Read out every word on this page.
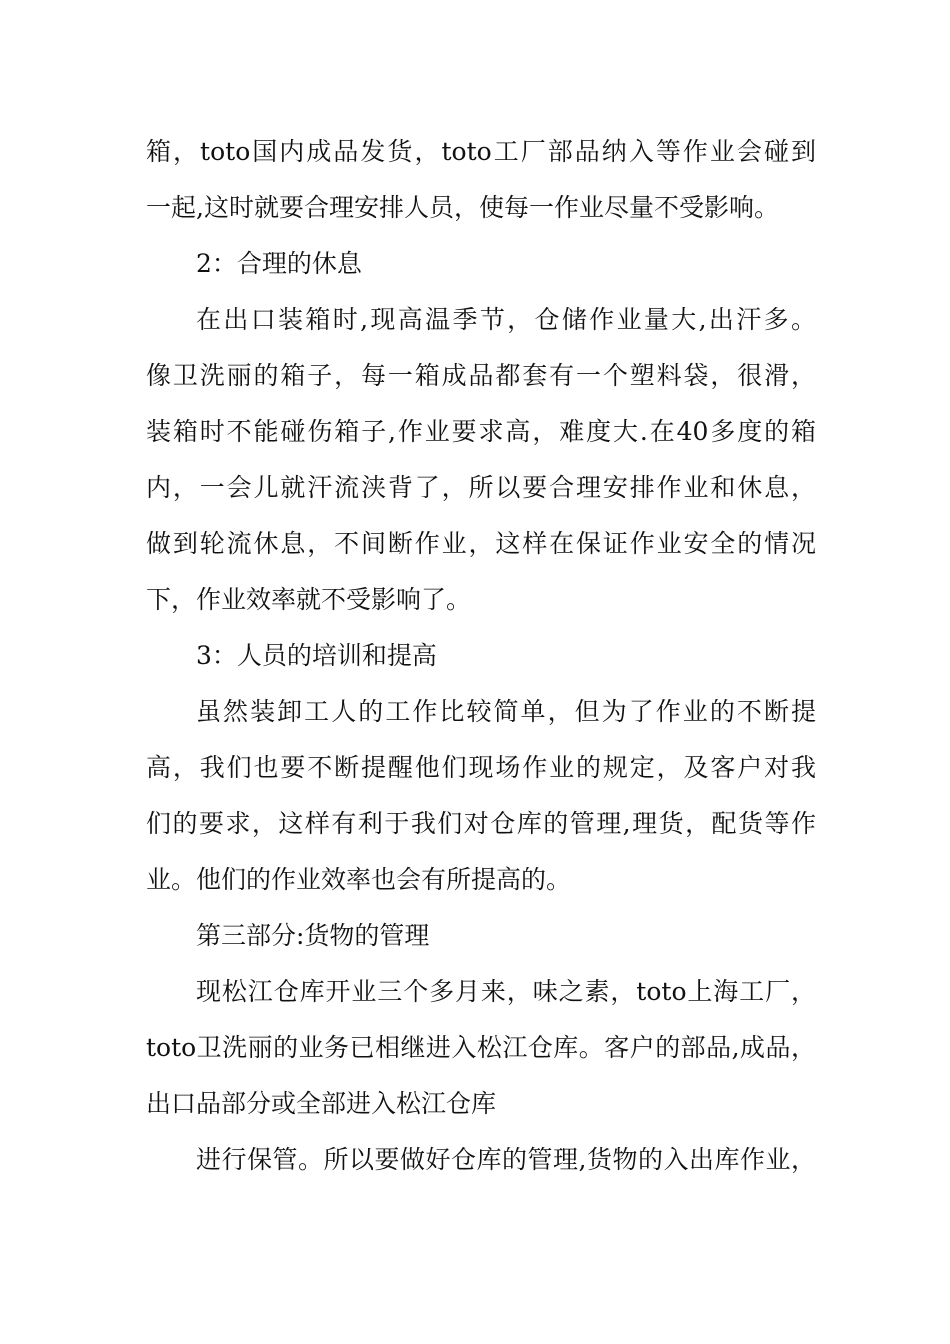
箱，toto国内成品发货，toto工厂部品纳入等作业会碰到
一起,这时就要合理安排人员，使每一作业尽量不受影响。
2：合理的休息
在出口装箱时,现高温季节，仓储作业量大,出汗多。
像卫洗丽的箱子，每一箱成品都套有一个塑料袋，很滑，
装箱时不能碰伤箱子,作业要求高，难度大.在40多度的箱
内，一会儿就汗流浃背了，所以要合理安排作业和休息，
做到轮流休息，不间断作业，这样在保证作业安全的情况
下，作业效率就不受影响了。
3：人员的培训和提高
虽然装卸工人的工作比较简单，但为了作业的不断提
高，我们也要不断提醒他们现场作业的规定，及客户对我
们的要求，这样有利于我们对仓库的管理,理货，配货等作
业。他们的作业效率也会有所提高的。
第三部分:货物的管理
现松江仓库开业三个多月来，味之素，toto上海工厂，
toto卫洗丽的业务已相继进入松江仓库。客户的部品,成品，
出口品部分或全部进入松江仓库
进行保管。所以要做好仓库的管理,货物的入出库作业，
